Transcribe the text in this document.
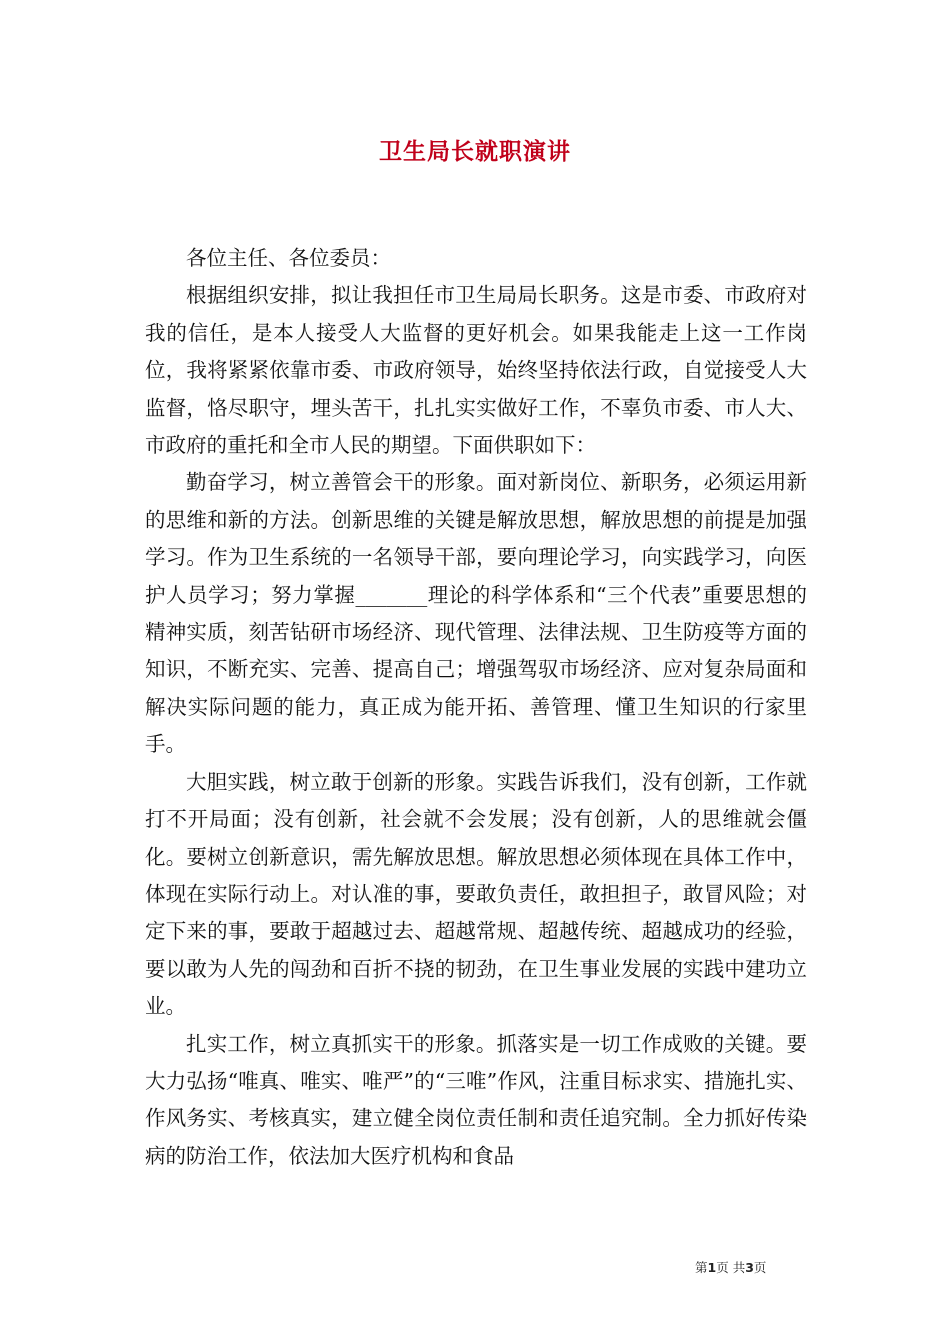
卫生局长就职演讲

各位主任、各位委员：

根据组织安排，拟让我担任市卫生局局长职务。这是市委、市政府对我的信任，是本人接受人大监督的更好机会。如果我能走上这一工作岗位，我将紧紧依靠市委、市政府领导，始终坚持依法行政，自觉接受人大监督，恪尽职守，埋头苦干，扎扎实实做好工作，不辜负市委、市人大、市政府的重托和全市人民的期望。下面供职如下：

勤奋学习，树立善管会干的形象。面对新岗位、新职务，必须运用新的思维和新的方法。创新思维的关键是解放思想，解放思想的前提是加强学习。作为卫生系统的一名领导干部，要向理论学习，向实践学习，向医护人员学习；努力掌握_______理论的科学体系和“三个代表”重要思想的精神实质，刻苦钻研市场经济、现代管理、法律法规、卫生防疫等方面的知识，不断充实、完善、提高自己；增强驾驭市场经济、应对复杂局面和解决实际问题的能力，真正成为能开拓、善管理、懂卫生知识的行家里手。

大胆实践，树立敢于创新的形象。实践告诉我们，没有创新，工作就打不开局面；没有创新，社会就不会发展；没有创新，人的思维就会僵化。要树立创新意识，需先解放思想。解放思想必须体现在具体工作中，体现在实际行动上。对认准的事，要敢负责任，敢担担子，敢冒风险；对定下来的事，要敢于超越过去、超越常规、超越传统、超越成功的经验，要以敢为人先的闯劲和百折不挠的韧劲，在卫生事业发展的实践中建功立业。

扎实工作，树立真抓实干的形象。抓落实是一切工作成败的关键。要大力弘扬“唯真、唯实、唯严”的“三唯”作风，注重目标求实、措施扎实、作风务实、考核真实，建立健全岗位责任制和责任追究制。全力抓好传染病的防治工作，依法加大医疗机构和食品

第1页 共3页
